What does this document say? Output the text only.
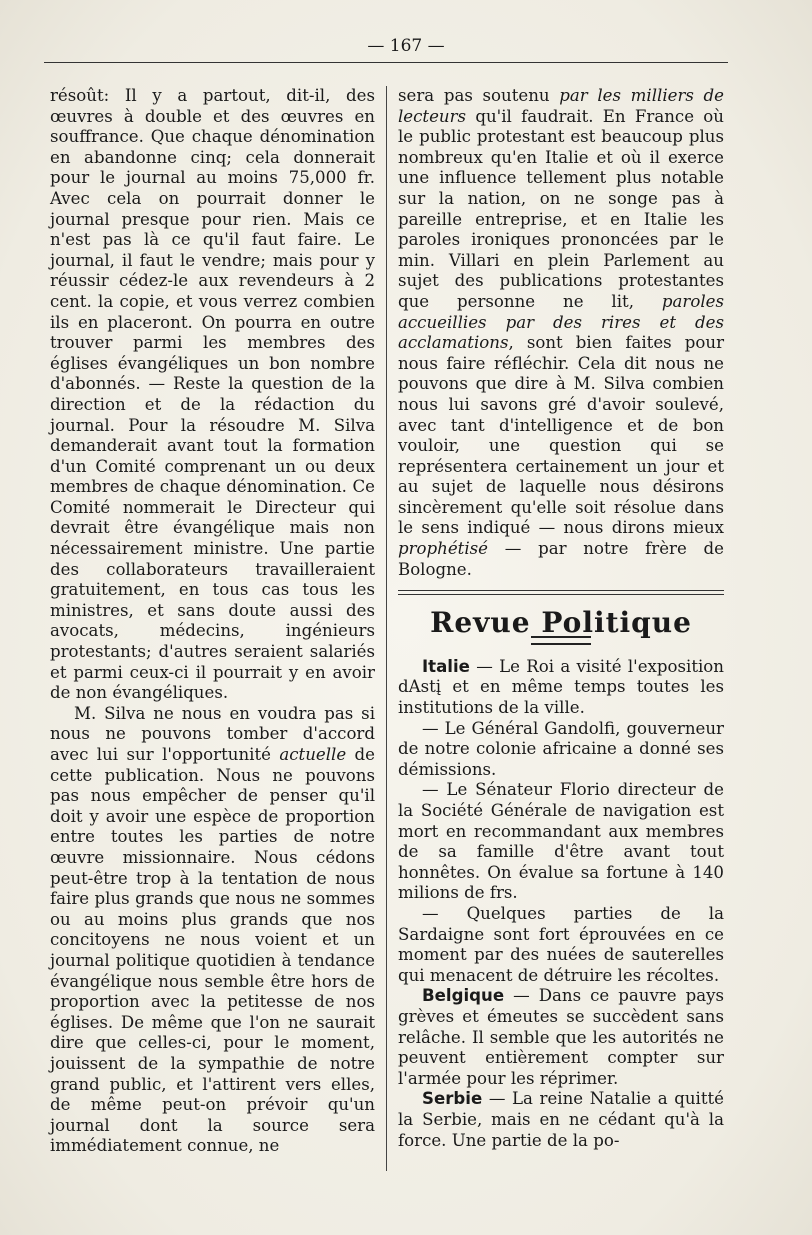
— 167 —

résoût: Il y a partout, dit-il, des œuvres à double et des œuvres en souffrance. Que chaque dénomination en abandonne cinq; cela donnerait pour le journal au moins 75,000 fr. Avec cela on pourrait donner le journal presque pour rien. Mais ce n'est pas là ce qu'il faut faire. Le journal, il faut le vendre; mais pour y réussir cédez-le aux revendeurs à 2 cent. la copie, et vous verrez combien ils en placeront. On pourra en outre trouver parmi les membres des églises évangéliques un bon nombre d'abonnés. — Reste la question de la direction et de la rédaction du journal. Pour la résoudre M. Silva demanderait avant tout la formation d'un Comité comprenant un ou deux membres de chaque dénomination. Ce Comité nommerait le Directeur qui devrait être évangélique mais non nécessairement ministre. Une partie des collaborateurs travailleraient gratuitement, en tous cas tous les ministres, et sans doute aussi des avocats, médecins, ingénieurs protestants; d'autres seraient salariés et parmi ceux-ci il pourrait y en avoir de non évangéliques.

M. Silva ne nous en voudra pas si nous ne pouvons tomber d'accord avec lui sur l'opportunité actuelle de cette publication. Nous ne pouvons pas nous empêcher de penser qu'il doit y avoir une espèce de proportion entre toutes les parties de notre œuvre missionnaire. Nous cédons peut-être trop à la tentation de nous faire plus grands que nous ne sommes ou au moins plus grands que nos concitoyens ne nous voient et un journal politique quotidien à tendance évangélique nous semble être hors de proportion avec la petitesse de nos églises. De même que l'on ne saurait dire que celles-ci, pour le moment, jouissent de la sympathie de notre grand public, et l'attirent vers elles, de même peut-on prévoir qu'un journal dont la source sera immédiatement connue, ne

sera pas soutenu par les milliers de lecteurs qu'il faudrait. En France où le public protestant est beaucoup plus nombreux qu'en Italie et où il exerce une influence tellement plus notable sur la nation, on ne songe pas à pareille entreprise, et en Italie les paroles ironiques prononcées par le min. Villari en plein Parlement au sujet des publications protestantes que personne ne lit, paroles accueillies par des rires et des acclamations, sont bien faites pour nous faire réfléchir. Cela dit nous ne pouvons que dire à M. Silva combien nous lui savons gré d'avoir soulevé, avec tant d'intelligence et de bon vouloir, une question qui se représentera certainement un jour et au sujet de laquelle nous désirons sincèrement qu'elle soit résolue dans le sens indiqué — nous dirons mieux prophétisé — par notre frère de Bologne.

Revue Politique

Italie — Le Roi a visité l'exposition dAstį et en même temps toutes les institutions de la ville.

— Le Général Gandolfi, gouverneur de notre colonie africaine a donné ses démissions.

— Le Sénateur Florio directeur de la Société Générale de navigation est mort en recommandant aux membres de sa famille d'être avant tout honnêtes. On évalue sa fortune à 140 milions de frs.

— Quelques parties de la Sardaigne sont fort éprouvées en ce moment par des nuées de sauterelles qui menacent de détruire les récoltes.

Belgique — Dans ce pauvre pays grèves et émeutes se succèdent sans relâche. Il semble que les autorités ne peuvent entièrement compter sur l'armée pour les réprimer.

Serbie — La reine Natalie a quitté la Serbie, mais en ne cédant qu'à la force. Une partie de la po-
